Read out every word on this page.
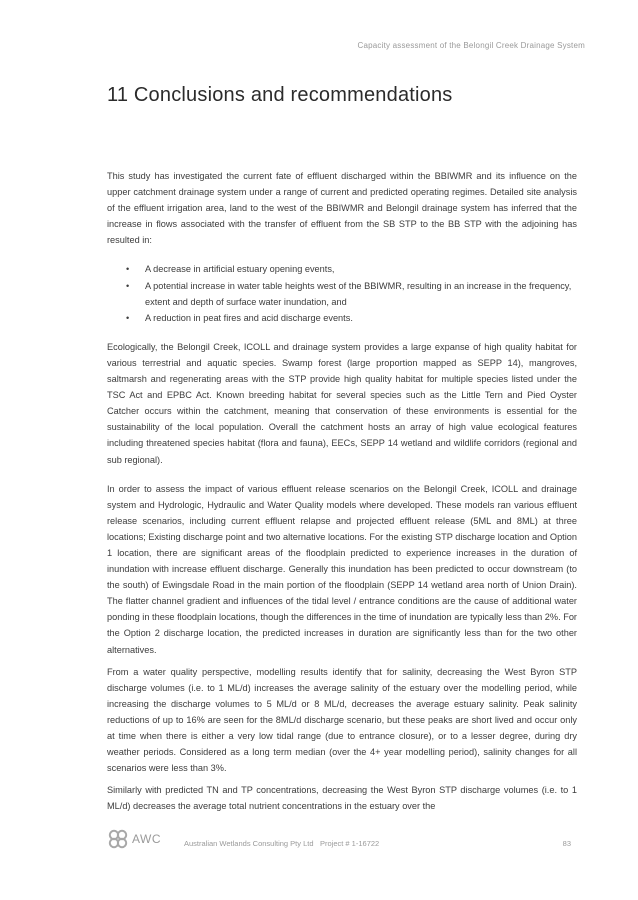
Capacity assessment of the Belongil Creek Drainage System
11 Conclusions and recommendations

This study has investigated the current fate of effluent discharged within the BBIWMR and its influence on the upper catchment drainage system under a range of current and predicted operating regimes. Detailed site analysis of the effluent irrigation area, land to the west of the BBIWMR and Belongil drainage system has inferred that the increase in flows associated with the transfer of effluent from the SB STP to the BB STP with the adjoining has resulted in:

• A decrease in artificial estuary opening events,
• A potential increase in water table heights west of the BBIWMR, resulting in an increase in the frequency, extent and depth of surface water inundation, and
• A reduction in peat fires and acid discharge events.

Ecologically, the Belongil Creek, ICOLL and drainage system provides a large expanse of high quality habitat for various terrestrial and aquatic species. Swamp forest (large proportion mapped as SEPP 14), mangroves, saltmarsh and regenerating areas with the STP provide high quality habitat for multiple species listed under the TSC Act and EPBC Act. Known breeding habitat for several species such as the Little Tern and Pied Oyster Catcher occurs within the catchment, meaning that conservation of these environments is essential for the sustainability of the local population. Overall the catchment hosts an array of high value ecological features including threatened species habitat (flora and fauna), EECs, SEPP 14 wetland and wildlife corridors (regional and sub regional).

In order to assess the impact of various effluent release scenarios on the Belongil Creek, ICOLL and drainage system and Hydrologic, Hydraulic and Water Quality models where developed. These models ran various effluent release scenarios, including current effluent relapse and projected effluent release (5ML and 8ML) at three locations; Existing discharge point and two alternative locations. For the existing STP discharge location and Option 1 location, there are significant areas of the floodplain predicted to experience increases in the duration of inundation with increase effluent discharge. Generally this inundation has been predicted to occur downstream (to the south) of Ewingsdale Road in the main portion of the floodplain (SEPP 14 wetland area north of Union Drain). The flatter channel gradient and influences of the tidal level / entrance conditions are the cause of additional water ponding in these floodplain locations, though the differences in the time of inundation are typically less than 2%. For the Option 2 discharge location, the predicted increases in duration are significantly less than for the two other alternatives.

From a water quality perspective, modelling results identify that for salinity, decreasing the West Byron STP discharge volumes (i.e. to 1 ML/d) increases the average salinity of the estuary over the modelling period, while increasing the discharge volumes to 5 ML/d or 8 ML/d, decreases the average estuary salinity. Peak salinity reductions of up to 16% are seen for the 8ML/d discharge scenario, but these peaks are short lived and occur only at time when there is either a very low tidal range (due to entrance closure), or to a lesser degree, during dry weather periods. Considered as a long term median (over the 4+ year modelling period), salinity changes for all scenarios were less than 3%.

Similarly with predicted TN and TP concentrations, decreasing the West Byron STP discharge volumes (i.e. to 1 ML/d) decreases the average total nutrient concentrations in the estuary over the

AWC	Australian Wetlands Consulting Pty Ltd Project # 1-16722	83
